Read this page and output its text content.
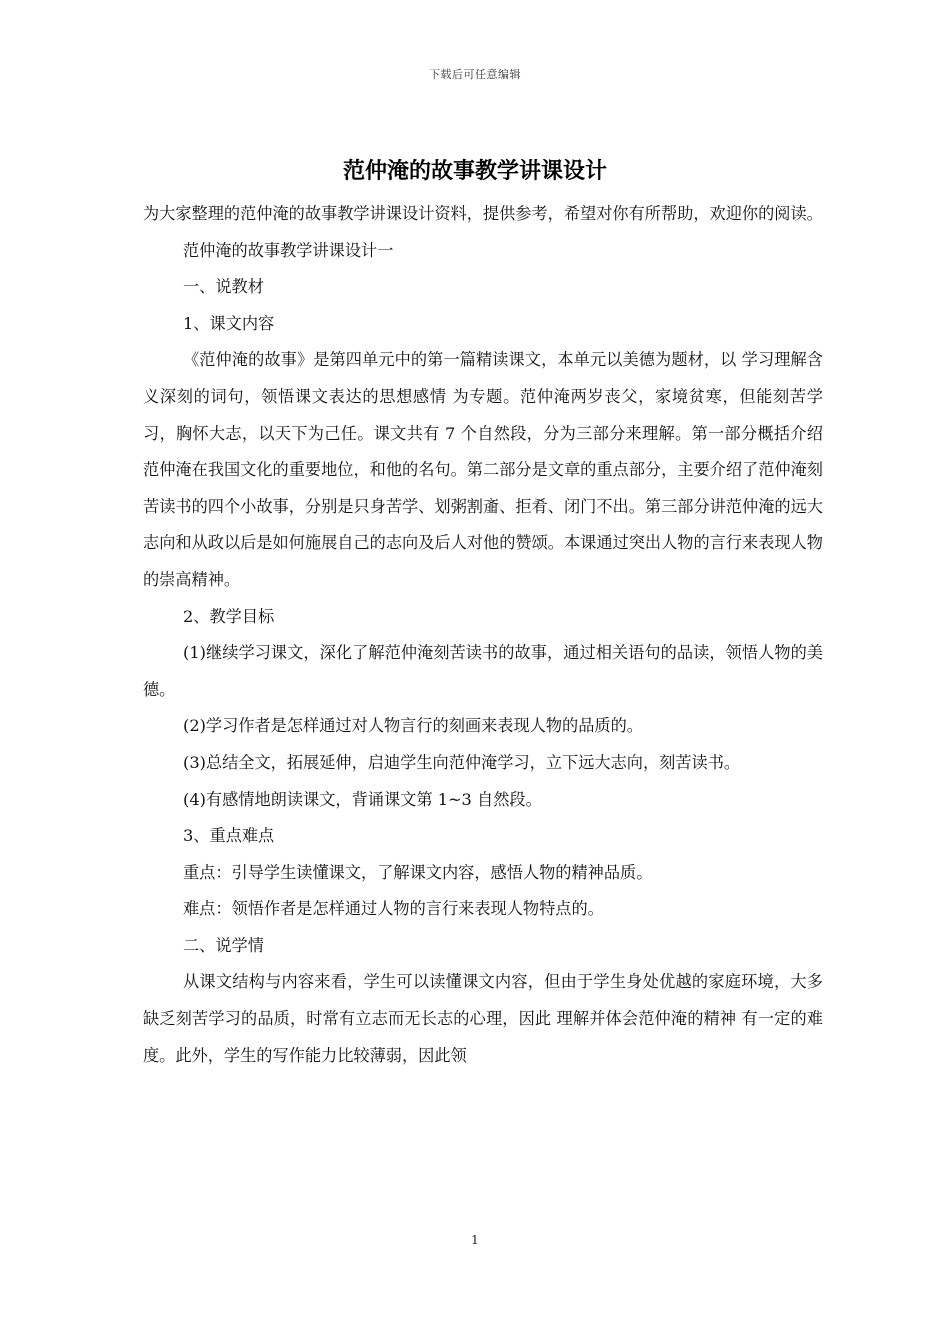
下载后可任意编辑
范仲淹的故事教学讲课设计

为大家整理的范仲淹的故事教学讲课设计资料，提供参考，希望对你有所帮助，欢迎你的阅读。

范仲淹的故事教学讲课设计一

一、说教材

1、课文内容

《范仲淹的故事》是第四单元中的第一篇精读课文，本单元以美德为题材，以 学习理解含义深刻的词句，领悟课文表达的思想感情 为专题。范仲淹两岁丧父，家境贫寒，但能刻苦学习，胸怀大志，以天下为己任。课文共有 7 个自然段，分为三部分来理解。第一部分概括介绍范仲淹在我国文化的重要地位，和他的名句。第二部分是文章的重点部分，主要介绍了范仲淹刻苦读书的四个小故事，分别是只身苦学、划粥割齑、拒肴、闭门不出。第三部分讲范仲淹的远大志向和从政以后是如何施展自己的志向及后人对他的赞颂。本课通过突出人物的言行来表现人物的崇高精神。

2、教学目标

(1)继续学习课文，深化了解范仲淹刻苦读书的故事，通过相关语句的品读，领悟人物的美德。

(2)学习作者是怎样通过对人物言行的刻画来表现人物的品质的。

(3)总结全文，拓展延伸，启迪学生向范仲淹学习，立下远大志向，刻苦读书。

(4)有感情地朗读课文，背诵课文第 1~3 自然段。

3、重点难点

重点：引导学生读懂课文，了解课文内容，感悟人物的精神品质。

难点：领悟作者是怎样通过人物的言行来表现人物特点的。

二、说学情

从课文结构与内容来看，学生可以读懂课文内容，但由于学生身处优越的家庭环境，大多缺乏刻苦学习的品质，时常有立志而无长志的心理，因此 理解并体会范仲淹的精神 有一定的难度。此外，学生的写作能力比较薄弱，因此领

1
